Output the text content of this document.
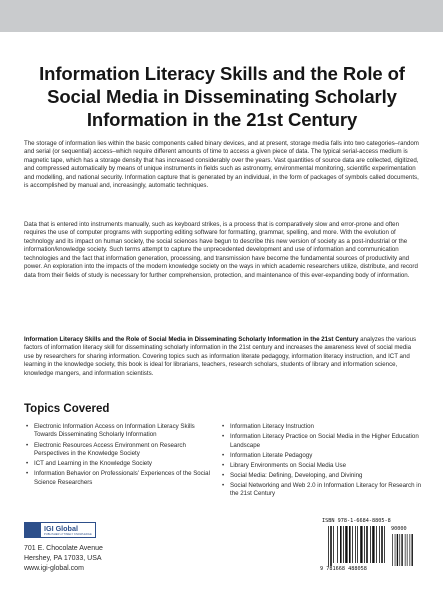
Information Literacy Skills and the Role of Social Media in Disseminating Scholarly Information in the 21st Century

The storage of information lies within the basic components called binary devices, and at present, storage media falls into two categories–random and serial (or sequential) access–which require different amounts of time to access a given piece of data. The typical serial-access medium is magnetic tape, which has a storage density that has increased considerably over the years. Vast quantities of source data are collected, digitized, and compressed automatically by means of unique instruments in fields such as astronomy, environmental monitoring, scientific experimentation and modelling, and national security. Information capture that is generated by an individual, in the form of packages of symbols called documents, is accomplished by manual and, increasingly, automatic techniques.

Data that is entered into instruments manually, such as keyboard strikes, is a process that is comparatively slow and error-prone and often requires the use of computer programs with supporting editing software for formatting, grammar, spelling, and more. With the evolution of technology and its impact on human society, the social sciences have begun to describe this new version of society as a post-industrial or the information/knowledge society. Such terms attempt to capture the unprecedented development and use of information and communication technologies and the fact that information generation, processing, and transmission have become the fundamental sources of productivity and power. An exploration into the impacts of the modern knowledge society on the ways in which academic researchers utilize, distribute, and record data from their fields of study is necessary for further comprehension, protection, and maintenance of this ever-expanding body of information.

Information Literacy Skills and the Role of Social Media in Disseminating Scholarly Information in the 21st Century analyzes the various factors of information literacy skill for disseminating scholarly information in the 21st century and increases the awareness level of social media use by researchers for sharing information. Covering topics such as information literate pedagogy, information literacy instruction, and ICT and learning in the knowledge society, this book is ideal for librarians, teachers, research scholars, students of library and information science, knowledge mangers, and information scientists.

Topics Covered
• Electronic Information Access on Information Literacy Skills Towards Disseminating Scholarly Information
• Electronic Resources Access Environment on Research Perspectives in the Knowledge Society
• ICT and Learning in the Knowledge Society
• Information Behavior on Professionals' Experiences of the Social Science Researchers
• Information Literacy Instruction
• Information Literacy Practice on Social Media in the Higher Education Landscape
• Information Literate Pedagogy
• Library Environments on Social Media Use
• Social Media: Defining, Developing, and Divining
• Social Networking and Web 2.0 in Information Literacy for Research in the 21st Century
IGI Global
PUBLISHER of TIMELY KNOWLEDGE
701 E. Chocolate Avenue
Hershey, PA 17033, USA
www.igi-global.com
ISBN 978-1-6684-8805-8
90000
9 781668 488058
